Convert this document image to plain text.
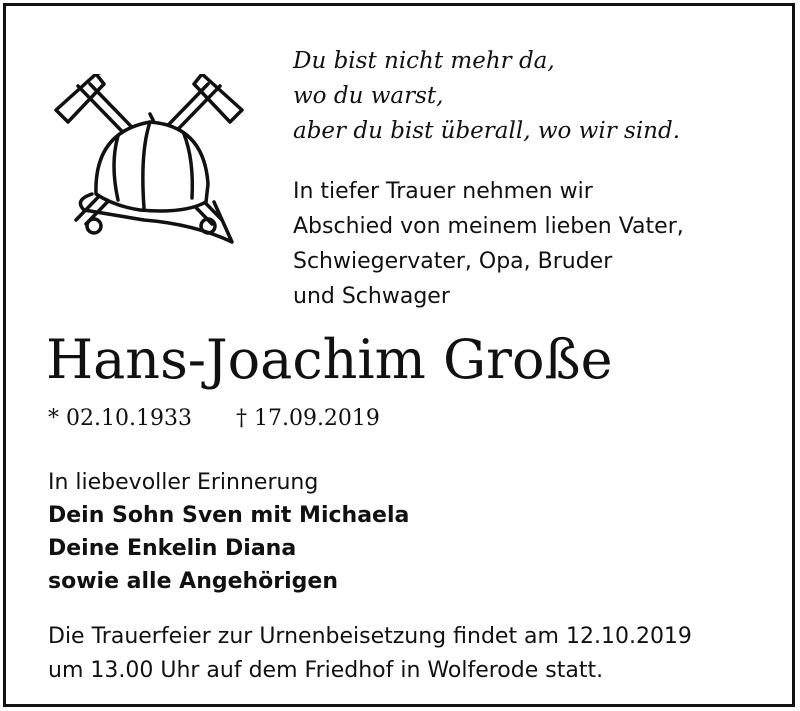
Du bist nicht mehr da,
wo du warst,
aber du bist überall, wo wir sind.
In tiefer Trauer nehmen wir
Abschied von meinem lieben Vater,
Schwiegervater, Opa, Bruder
und Schwager
Hans-Joachim Große
* 02.10.1933 † 17.09.2019
In liebevoller Erinnerung
Dein Sohn Sven mit Michaela
Deine Enkelin Diana
sowie alle Angehörigen
Die Trauerfeier zur Urnenbeisetzung findet am 12.10.2019
um 13.00 Uhr auf dem Friedhof in Wolferode statt.
